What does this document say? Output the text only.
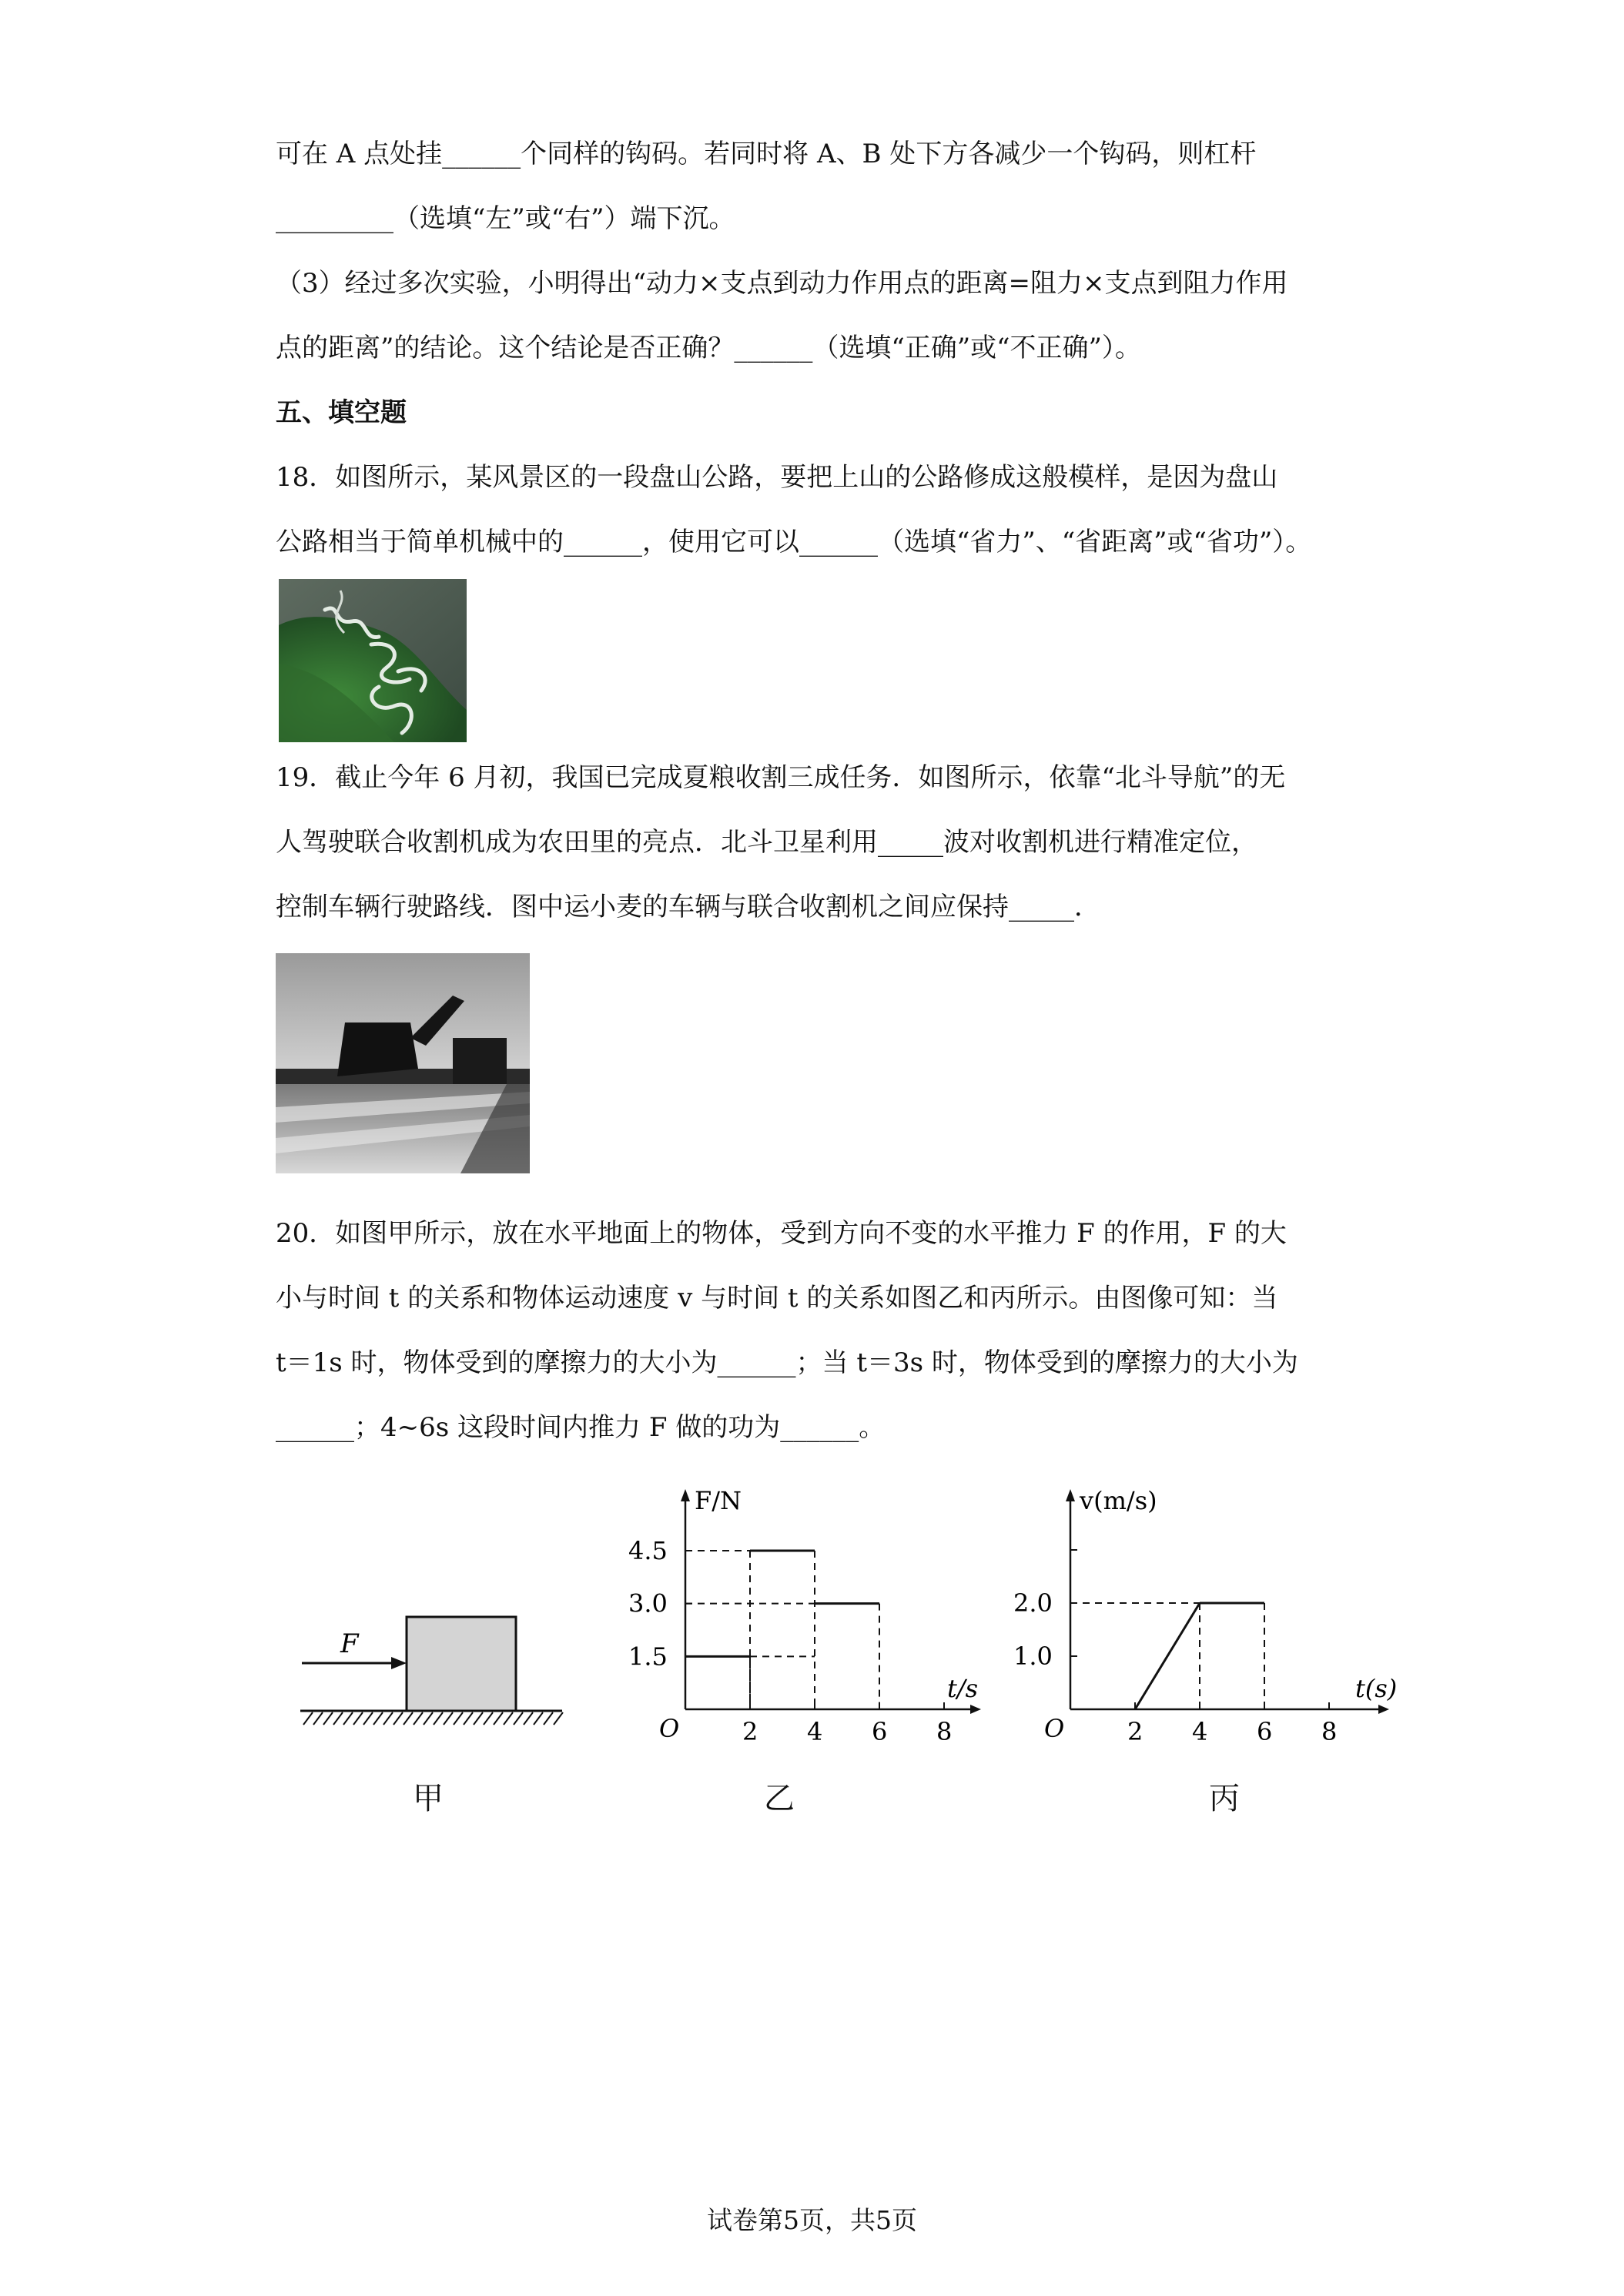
可在 A 点处挂______个同样的钩码。若同时将 A、B 处下方各减少一个钩码，则杠杆
_________（选填“左”或“右”）端下沉。
（3）经过多次实验，小明得出“动力×支点到动力作用点的距离=阻力×支点到阻力作用
点的距离”的结论。这个结论是否正确？______（选填“正确”或“不正确”）。
五、填空题
18．如图所示，某风景区的一段盘山公路，要把上山的公路修成这般模样，是因为盘山
公路相当于简单机械中的______，使用它可以______（选填“省力”、“省距离”或“省功”）。
19．截止今年 6 月初，我国已完成夏粮收割三成任务．如图所示，依靠“北斗导航”的无
人驾驶联合收割机成为农田里的亮点．北斗卫星利用_____波对收割机进行精准定位，
控制车辆行驶路线．图中运小麦的车辆与联合收割机之间应保持_____．
20．如图甲所示，放在水平地面上的物体，受到方向不变的水平推力 F 的作用，F 的大
小与时间 t 的关系和物体运动速度 v 与时间 t 的关系如图乙和丙所示。由图像可知：当
t＝1s 时，物体受到的摩擦力的大小为______；当 t＝3s 时，物体受到的摩擦力的大小为
______；4~6s 这段时间内推力 F 做的功为______。
F
甲
F/N
t/s
O	2 4 6 8
1.5
3.0
4.5
乙
v(m/s)
t(s)
O	2 4 6 8
1.0
2.0
丙
试卷第5页，共5页
